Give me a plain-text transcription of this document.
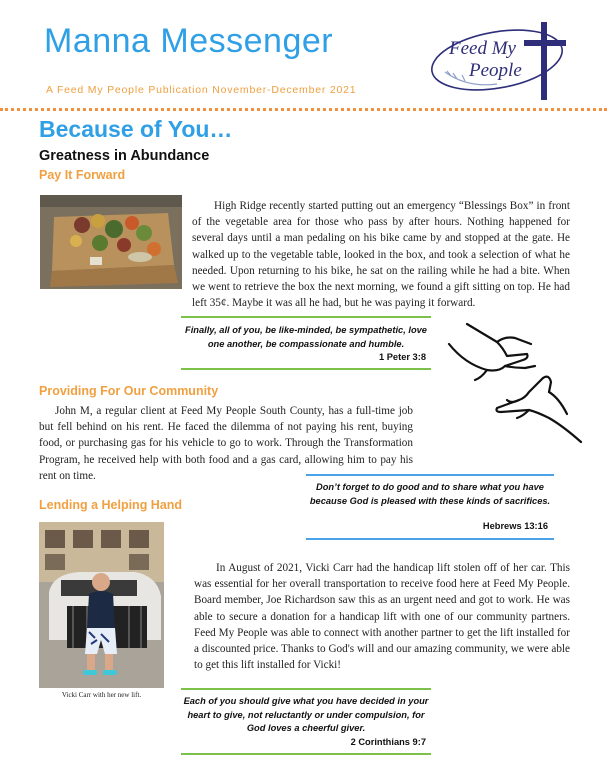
Manna Messenger
A Feed My People Publication November-December 2021
Feed My
People
Because of You…
Greatness in Abundance
Pay It Forward
High Ridge recently started putting out an emergency “Blessings Box” in front of the vegetable area for those who pass by after hours. Nothing happened for several days until a man pedaling on his bike came by and stopped at the gate. He walked up to the vegetable table, looked in the box, and took a selection of what he needed. Upon returning to his bike, he sat on the railing while he had a bite. When we went to retrieve the box the next morning, we found a gift sitting on top. He had left 35¢. Maybe it was all he had, but he was paying it forward.
Finally, all of you, be like-minded, be sympathetic, love one another, be compassionate and humble.
1 Peter 3:8
Providing For Our Community
John M, a regular client at Feed My People South County, has a full-time job but fell behind on his rent. He faced the dilemma of not paying his rent, buying food, or purchasing gas for his vehicle to go to work. Through the Transformation Program, he received help with both food and a gas card, allowing him to pay his rent on time.
Don’t forget to do good and to share what you have because God is pleased with these kinds of sacrifices.
Hebrews 13:16
Lending a Helping Hand
Vicki Carr with her new lift.
In August of 2021, Vicki Carr had the handicap lift stolen off of her car. This was essential for her overall transportation to receive food here at Feed My People. Board member, Joe Richardson saw this as an urgent need and got to work. He was able to secure a donation for a handicap lift with one of our community partners. Feed My People was able to connect with another partner to get the lift installed for a discounted price. Thanks to God's will and our amazing community, we were able to get this lift installed for Vicki!
Each of you should give what you have decided in your heart to give, not reluctantly or under compulsion, for God loves a cheerful giver.
2 Corinthians 9:7
